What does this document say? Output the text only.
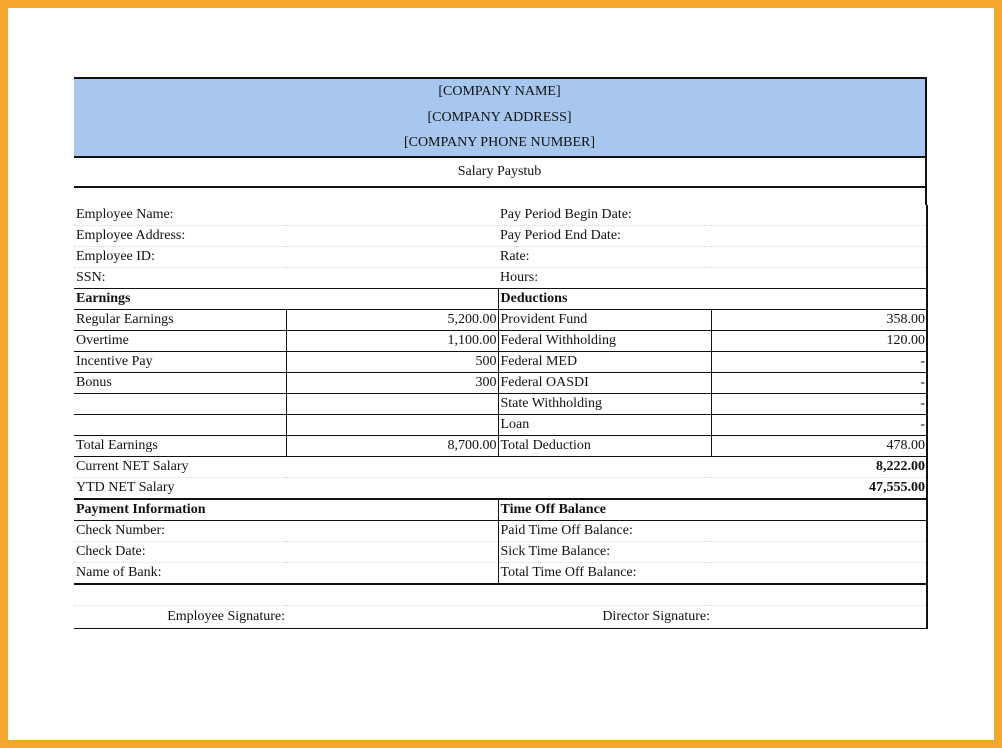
[COMPANY NAME]
[COMPANY ADDRESS]
[COMPANY PHONE NUMBER]
Salary Paystub
Employee Name:		Pay Period Begin Date:	
Employee Address:		Pay Period End Date:	
Employee ID:		Rate:	
SSN:		Hours:	
Earnings		Deductions	
Regular Earnings	5,200.00	Provident Fund	358.00
Overtime	1,100.00	Federal Withholding	120.00
Incentive Pay	500	Federal MED	-
Bonus	300	Federal OASDI	-
		State Withholding	-
		Loan	-
Total Earnings	8,700.00	Total Deduction	478.00
Current NET Salary			8,222.00
YTD NET Salary			47,555.00
Payment Information		Time Off Balance	
Check Number:		Paid Time Off Balance:	
Check Date:		Sick Time Balance:	
Name of Bank:		Total Time Off Balance:	

Employee Signature:		Director Signature:	
